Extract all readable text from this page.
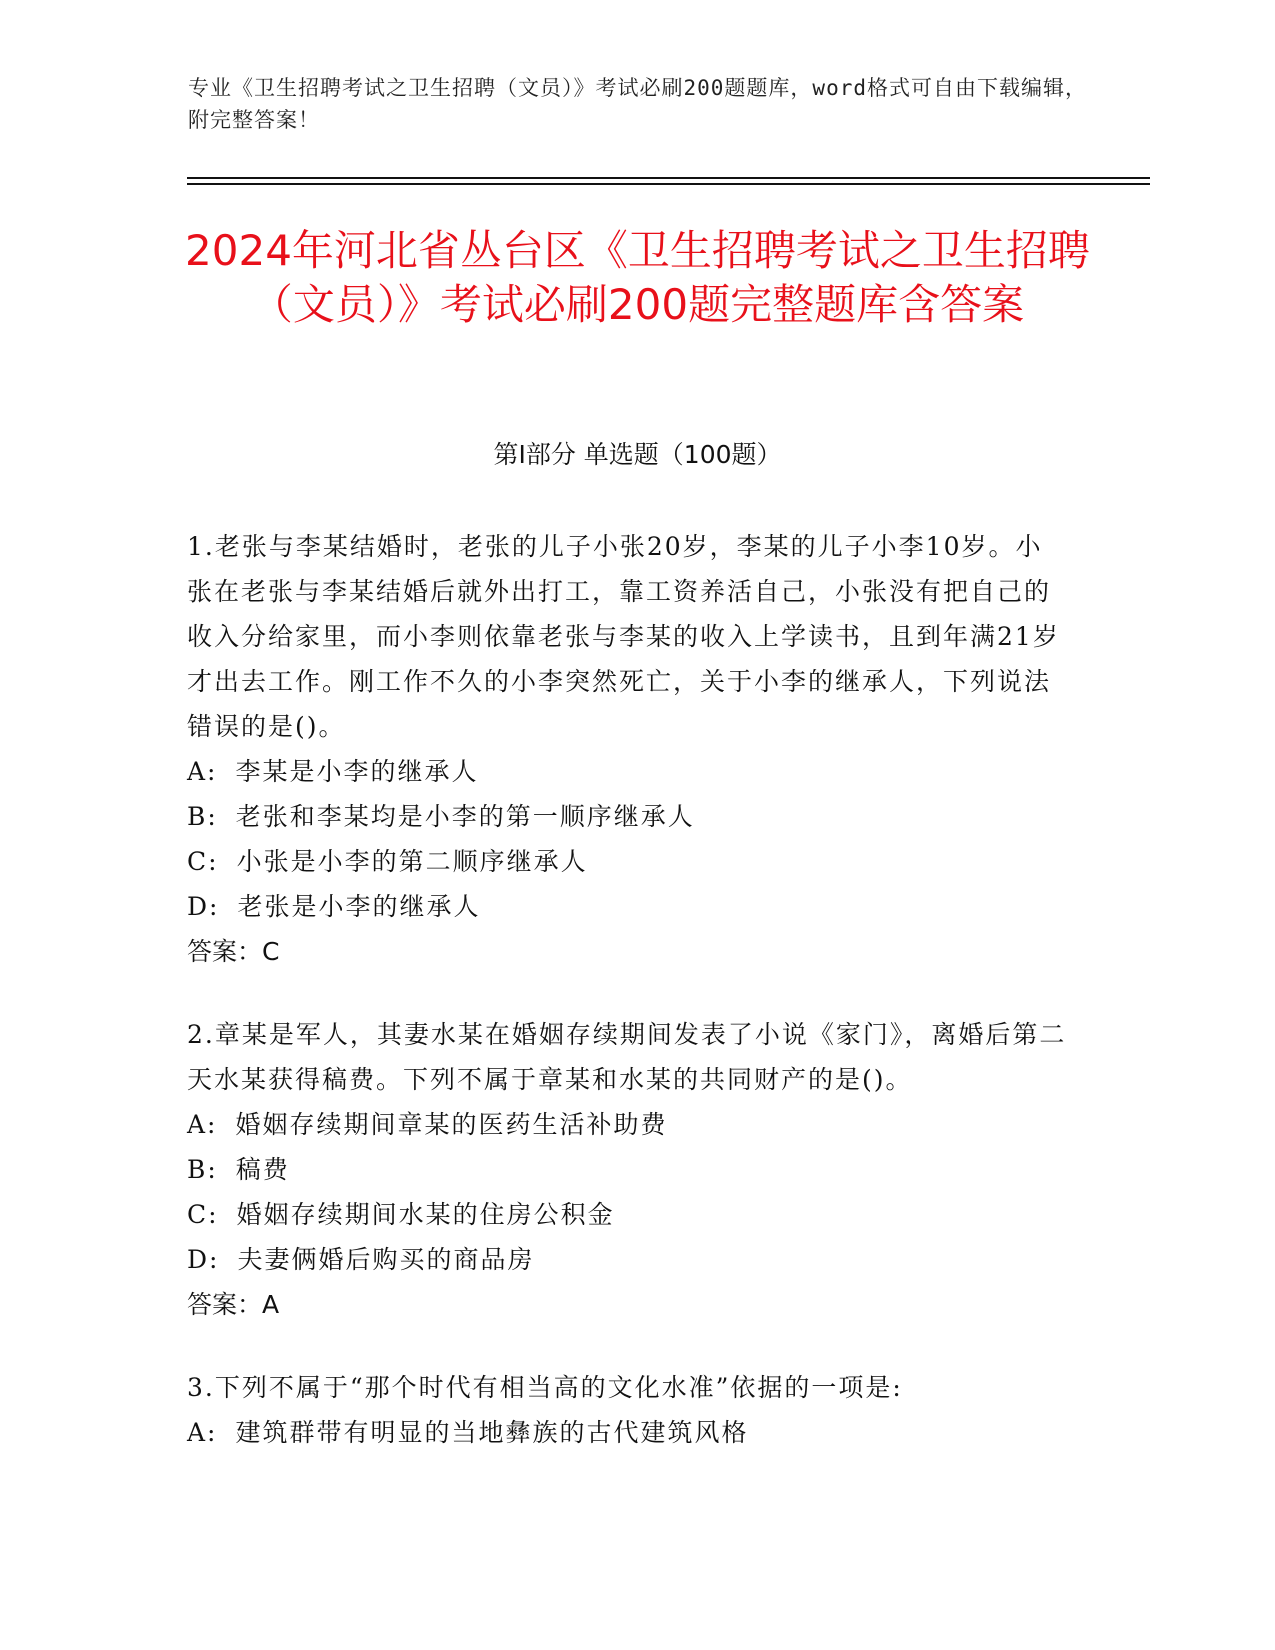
专业《卫生招聘考试之卫生招聘（文员）》考试必刷200题题库，word格式可自由下载编辑，附完整答案！
2024年河北省丛台区《卫生招聘考试之卫生招聘（文员）》考试必刷200题完整题库含答案
第Ⅰ部分 单选题（100题）

1.老张与李某结婚时，老张的儿子小张20岁，李某的儿子小李10岁。小张在老张与李某结婚后就外出打工，靠工资养活自己，小张没有把自己的收入分给家里，而小李则依靠老张与李某的收入上学读书，且到年满21岁才出去工作。刚工作不久的小李突然死亡，关于小李的继承人，下列说法错误的是()。

A: 李某是小李的继承人

B: 老张和李某均是小李的第一顺序继承人

C: 小张是小李的第二顺序继承人

D: 老张是小李的继承人

答案：C

2.章某是军人，其妻水某在婚姻存续期间发表了小说《家门》，离婚后第二天水某获得稿费。下列不属于章某和水某的共同财产的是()。

A: 婚姻存续期间章某的医药生活补助费

B: 稿费

C: 婚姻存续期间水某的住房公积金

D: 夫妻俩婚后购买的商品房

答案：A

3.下列不属于“那个时代有相当高的文化水准”依据的一项是:

A: 建筑群带有明显的当地彝族的古代建筑风格
